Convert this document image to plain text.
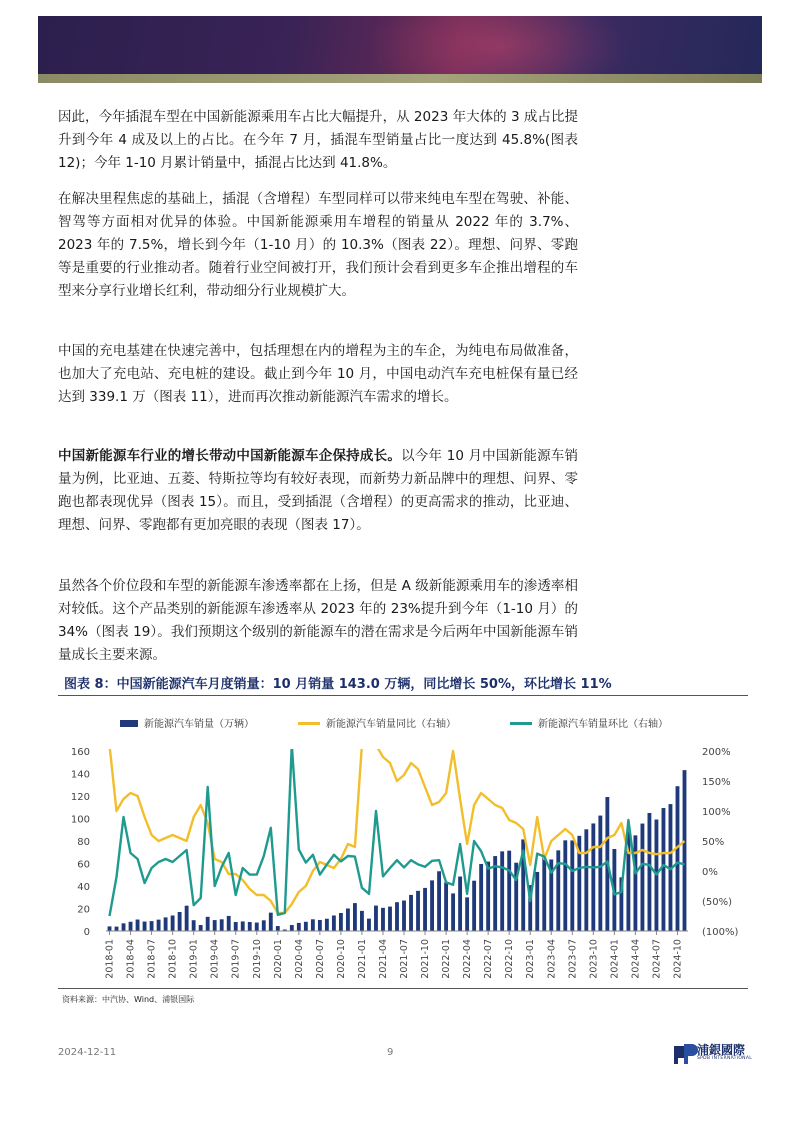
因此，今年插混车型在中国新能源乘用车占比大幅提升，从 2023 年大体的 3 成占比提升到今年 4 成及以上的占比。在今年 7 月，插混车型销量占比一度达到 45.8%(图表 12)；今年 1-10 月累计销量中，插混占比达到 41.8%。

在解决里程焦虑的基础上，插混（含增程）车型同样可以带来纯电车型在驾驶、补能、智驾等方面相对优异的体验。中国新能源乘用车增程的销量从 2022 年的 3.7%、2023 年的 7.5%，增长到今年（1-10 月）的 10.3%（图表 22）。理想、问界、零跑等是重要的行业推动者。随着行业空间被打开，我们预计会看到更多车企推出增程的车型来分享行业增长红利，带动细分行业规模扩大。

中国的充电基建在快速完善中，包括理想在内的增程为主的车企，为纯电布局做准备，也加大了充电站、充电桩的建设。截止到今年 10 月，中国电动汽车充电桩保有量已经达到 339.1 万（图表 11），进而再次推动新能源汽车需求的增长。

中国新能源车行业的增长带动中国新能源车企保持成长。以今年 10 月中国新能源车销量为例，比亚迪、五菱、特斯拉等均有较好表现，而新势力新品牌中的理想、问界、零跑也都表现优异（图表 15）。而且，受到插混（含增程）的更高需求的推动，比亚迪、理想、问界、零跑都有更加亮眼的表现（图表 17）。

虽然各个价位段和车型的新能源车渗透率都在上扬，但是 A 级新能源乘用车的渗透率相对较低。这个产品类别的新能源车渗透率从 2023 年的 23%提升到今年（1-10 月）的 34%（图表 19）。我们预期这个级别的新能源车的潜在需求是今后两年中国新能源车销量成长主要来源。

图表 8：中国新能源汽车月度销量：10 月销量 143.0 万辆，同比增长 50%，环比增长 11%
新能源汽车销量（万辆）	新能源汽车销量同比（右轴）	新能源汽车销量环比（右轴）
0
20
40
60
80
100
120
140
160
(100%)
(50%)
0%
50%
100%
150%
200%
2018-01 2018-04 2018-07 2018-10 2019-01 2019-04 2019-07 2019-10 2020-01 2020-04 2020-07 2020-10 2021-01 2021-04 2021-07 2021-10 2022-01 2022-04 2022-07 2022-10 2023-01 2023-04 2023-07 2023-10 2024-01 2024-04 2024-07 2024-10
资料来源：中汽协、Wind、浦银国际
2024-12-11	9	浦銀國際
SPDB INTERNATIONAL
